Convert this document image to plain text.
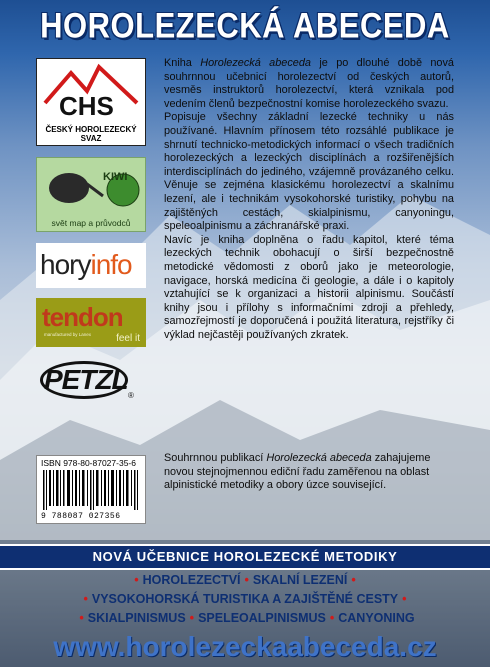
HOROLEZECKÁ ABECEDA
CHS
ČESKÝ HOROLEZECKÝ SVAZ
KIWI
svět map a průvodců
horyinfo
tendon
manufactured by Lanex	feel it
PETZL
®

Kniha Horolezecká abeceda je po dlouhé době nová souhrnnou učebnicí horolezectví od českých autorů, vesměs instruktorů horolezectví, která vznikala pod vedením členů bezpečnostní komise horolezeckého svazu.

Popisuje všechny základní lezecké techniky u nás používané. Hlavním přínosem této rozsáhlé publikace je shrnutí technicko-metodických informací o všech tradičních horolezeckých a lezeckých disciplínách a rozšiřenějších interdisciplínách do jediného, vzájemně provázaného celku. Věnuje se zejména klasickému horolezectví a skalnímu lezení, ale i technikám vysokohorské turistiky, pohybu na zajištěných cestách, skialpinismu, canyoningu, speleoalpinismu a záchranářské praxi.

Navíc je kniha doplněna o řadu kapitol, které téma lezeckých technik obohacují o širší bezpečnostně metodické vědomosti z oborů jako je meteorologie, navigace, horská medicína či geologie, a dále i o kapitoly vztahující se k organizaci a historii alpinismu. Součástí knihy jsou i přílohy s informačními zdroji a přehledy, samozřejmostí je doporučená i použitá literatura, rejstříky či výklad nejčastěji používaných zkratek.

ISBN 978-80-87027-35-6
9 788087 027356

Souhrnnou publikací Horolezecká abeceda zahajujeme novou stejnojmennou ediční řadu zaměřenou na oblast alpinistické metodiky a obory úzce související.

NOVÁ UČEBNICE HOROLEZECKÉ METODIKY
• HOROLEZECTVÍ • SKALNÍ LEZENÍ •
• VYSOKOHORSKÁ TURISTIKA A ZAJIŠTĚNÉ CESTY •
• SKIALPINISMUS • SPELEOALPINISMUS • CANYONING
www.horolezeckaabeceda.cz
